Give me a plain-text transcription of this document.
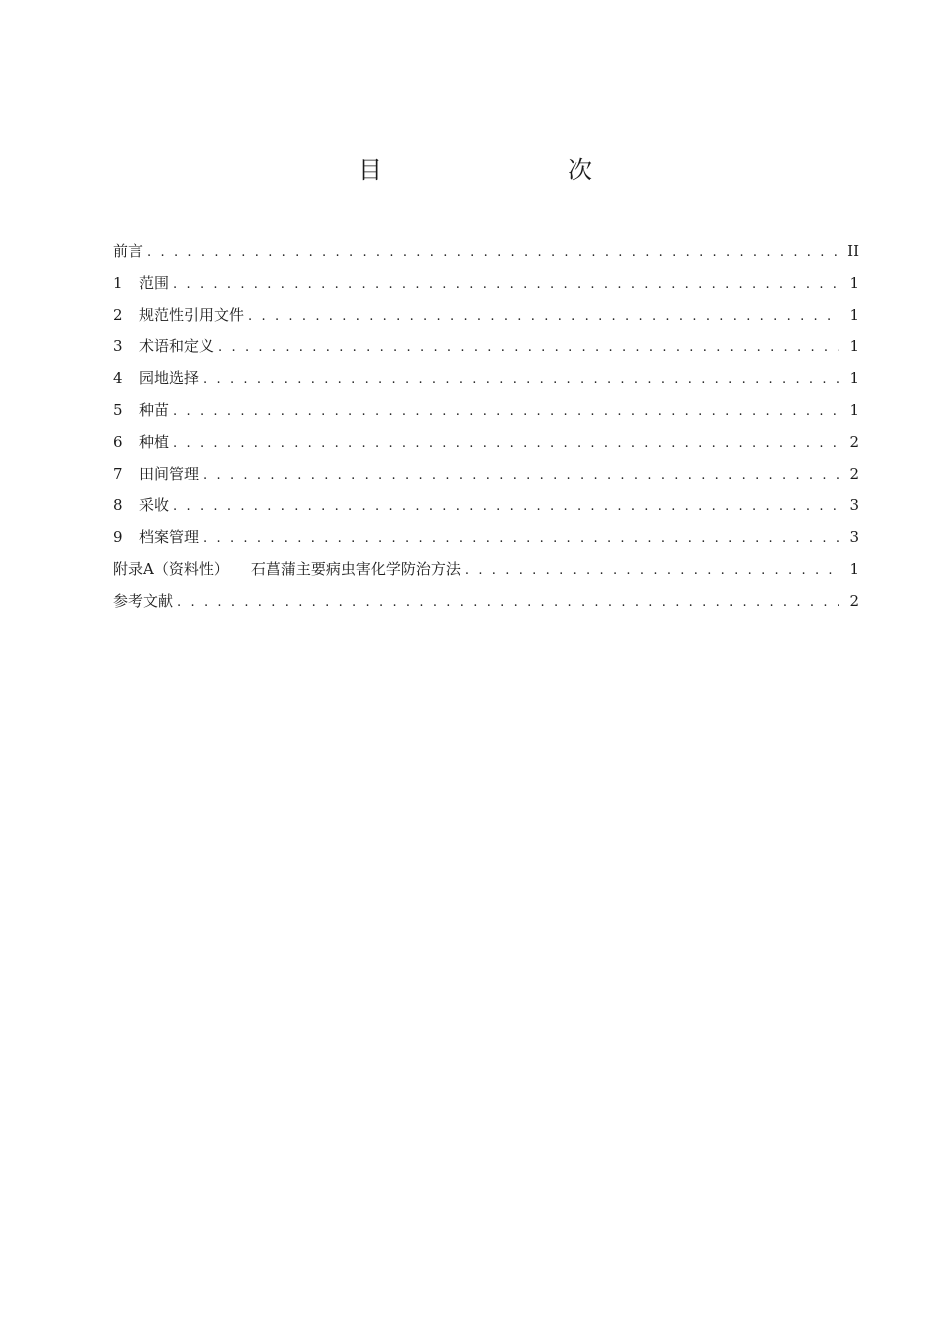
目　　次
前言 . . .	II
1	范围 . . .	1
2	规范性引用文件 . . .	1
3	术语和定义 . . .	1
4	园地选择 . . .	1
5	种苗 . . .	1
6	种植 . . .	2
7	田间管理 . . .	2
8	采收 . . .	3
9	档案管理 . . .	3
附录A（资料性） 石菖蒲主要病虫害化学防治方法 . . .	1
参考文献 . . .	2
